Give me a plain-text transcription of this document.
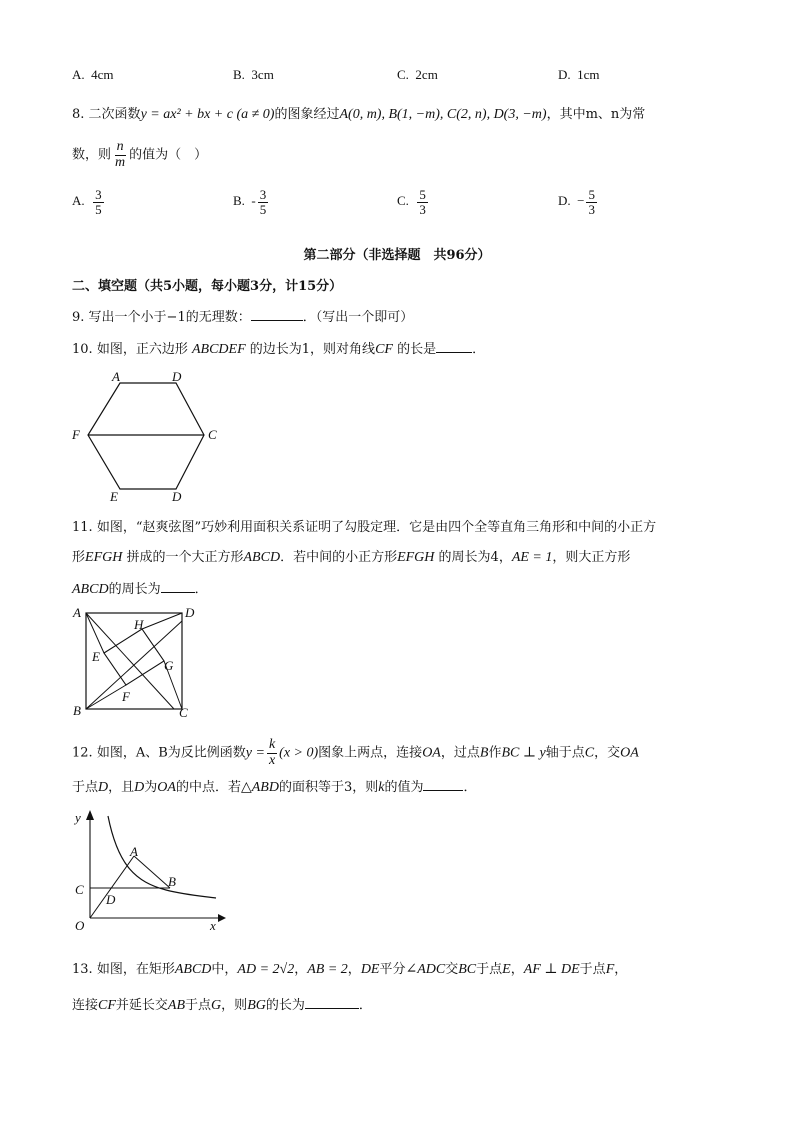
A. 4cm	B. 3cm	C. 2cm	D. 1cm
8. 二次函数y = ax² + bx + c (a ≠ 0)的图象经过A(0, m), B(1, −m), C(2, n), D(3, −m)，其中m、n为常
数，则 $\frac{n}{m}$ 的值为（　）
A. $\frac{3}{5}$	B. - $\frac{3}{5}$	C. $\frac{5}{3}$	D. − $\frac{5}{3}$
第二部分（非选择题　共96分）
二、填空题（共5小题，每小题3分，计15分）
9. 写出一个小于−1的无理数：	．（写出一个即可）
10. 如图，正六边形 ABCDEF 的边长为1，则对角线CF 的长是	．
A	D
F	C
E	D
11. 如图，“赵爽弦图”巧妙利用面积关系证明了勾股定理．它是由四个全等直角三角形和中间的小正方
形EFGH 拼成的一个大正方形ABCD．若中间的小正方形EFGH 的周长为4，AE = 1，则大正方形
ABCD的周长为	．
A	D
H
E
G
F
B	C
12. 如图，A、B为反比例函数$y = \frac{k}{x} (x > 0)$图象上两点，连接OA，过点B作BC ⊥ y轴于点C，交OA
于点D，且D为OA的中点．若△ABD的面积等于3，则k的值为	．
y
A
C
D
B
O	x
13. 如图，在矩形ABCD中，AD = 2√2，AB = 2，DE平分∠ADC交BC于点E，AF ⊥ DE于点F，
连接CF并延长交AB于点G，则BG的长为	．
